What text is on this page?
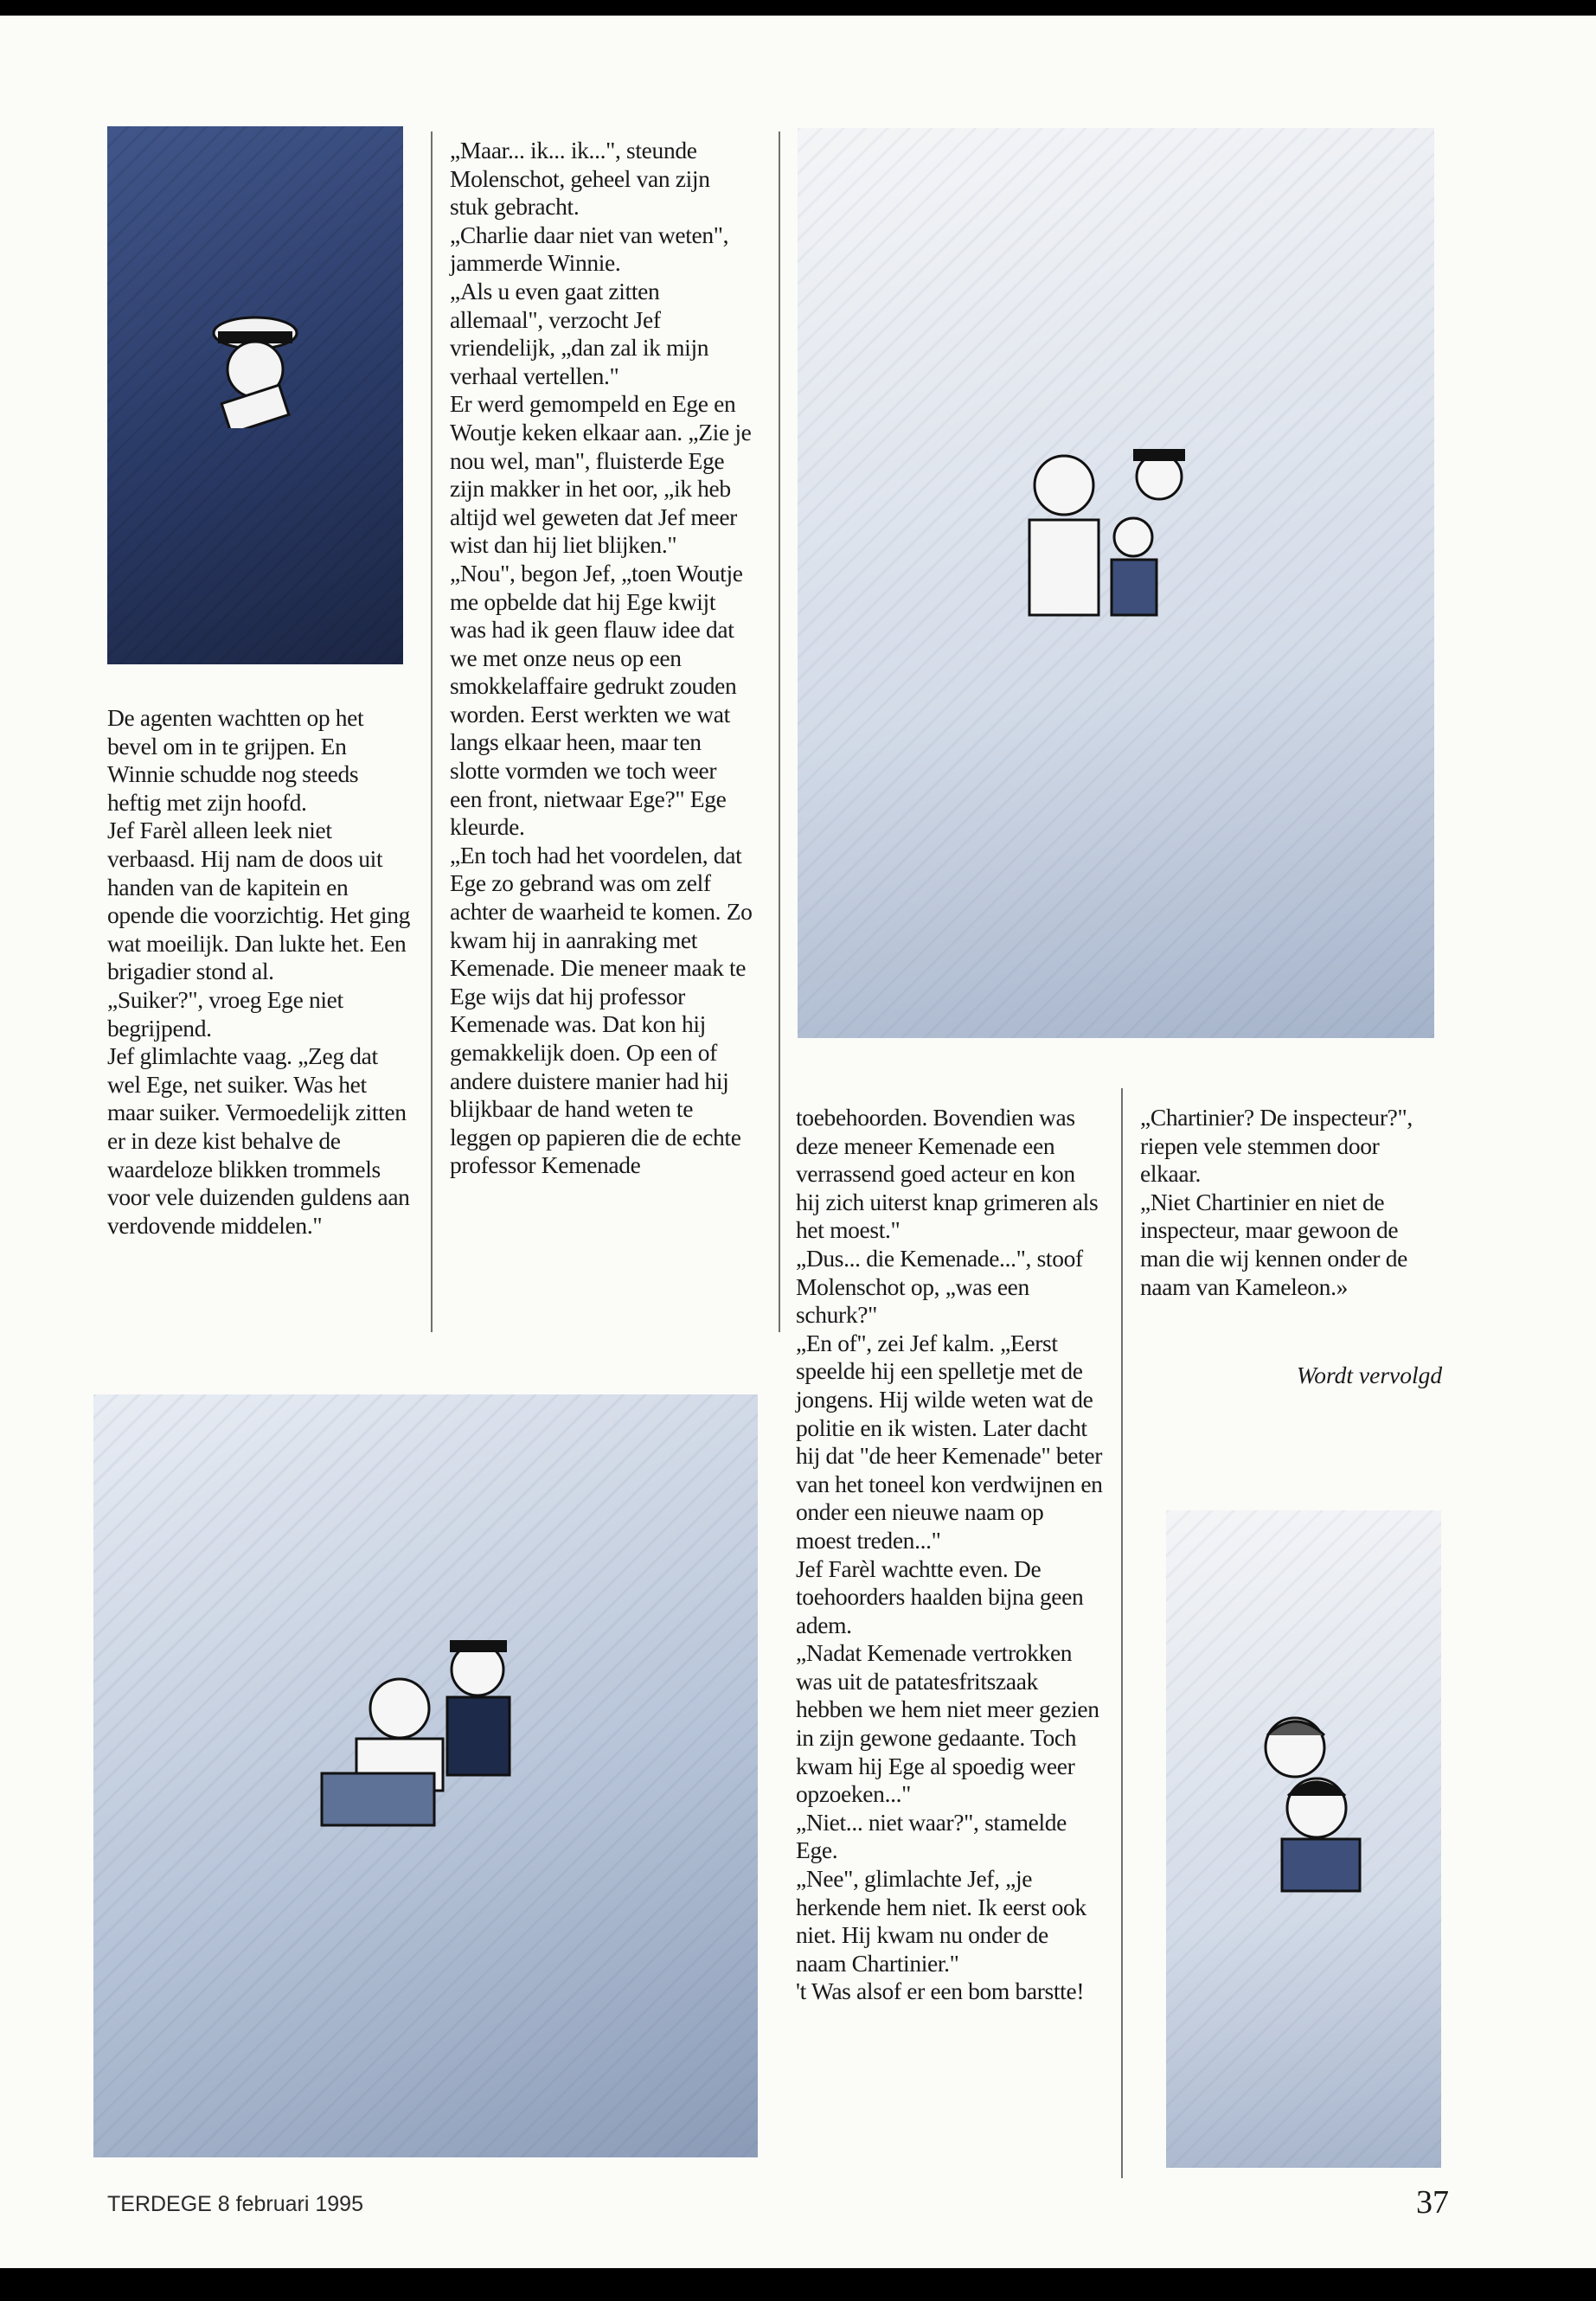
De agenten wachtten op het bevel om in te grijpen. En Winnie schudde nog steeds heftig met zijn hoofd.

Jef Farèl alleen leek niet verbaasd. Hij nam de doos uit handen van de kapitein en opende die voorzichtig. Het ging wat moeilijk. Dan lukte het. Een brigadier stond al.

„Suiker?", vroeg Ege niet begrijpend.

Jef glimlachte vaag. „Zeg dat wel Ege, net suiker. Was het maar suiker. Vermoedelijk zitten er in deze kist behalve de waardeloze blikken trommels voor vele duizenden guldens aan verdovende middelen."

„Maar... ik... ik...", steunde Molenschot, geheel van zijn stuk gebracht.

„Charlie daar niet van weten", jammerde Winnie.

„Als u even gaat zitten allemaal", verzocht Jef vriendelijk, „dan zal ik mijn verhaal vertellen."

Er werd gemompeld en Ege en Woutje keken elkaar aan. „Zie je nou wel, man", fluisterde Ege zijn makker in het oor, „ik heb altijd wel geweten dat Jef meer wist dan hij liet blijken."

„Nou", begon Jef, „toen Woutje me opbelde dat hij Ege kwijt was had ik geen flauw idee dat we met onze neus op een smokkelaffaire gedrukt zouden worden. Eerst werkten we wat langs elkaar heen, maar ten slotte vormden we toch weer een front, nietwaar Ege?" Ege kleurde.

„En toch had het voordelen, dat Ege zo gebrand was om zelf achter de waarheid te komen. Zo kwam hij in aanraking met Kemenade. Die meneer maak te Ege wijs dat hij professor Kemenade was. Dat kon hij gemakkelijk doen. Op een of andere duistere manier had hij blijkbaar de hand weten te leggen op papieren die de echte professor Kemenade

toebehoorden. Bovendien was deze meneer Kemenade een verrassend goed acteur en kon hij zich uiterst knap grimeren als het moest."

„Dus... die Kemenade...", stoof Molenschot op, „was een schurk?"

„En of", zei Jef kalm. „Eerst speelde hij een spelletje met de jongens. Hij wilde weten wat de politie en ik wisten. Later dacht hij dat "de heer Kemenade" beter van het toneel kon verdwijnen en onder een nieuwe naam op moest treden..."

Jef Farèl wachtte even. De toehoorders haalden bijna geen adem.

„Nadat Kemenade vertrokken was uit de patatesfritszaak hebben we hem niet meer gezien in zijn gewone gedaante. Toch kwam hij Ege al spoedig weer opzoeken..."

„Niet... niet waar?", stamelde Ege.

„Nee", glimlachte Jef, „je herkende hem niet. Ik eerst ook niet. Hij kwam nu onder de naam Chartinier."

't Was alsof er een bom barstte!

„Chartinier? De inspecteur?", riepen vele stemmen door elkaar.

„Niet Chartinier en niet de inspecteur, maar gewoon de man die wij kennen onder de naam van Kameleon.»

Wordt vervolgd
TERDEGE 8 februari 1995	37
